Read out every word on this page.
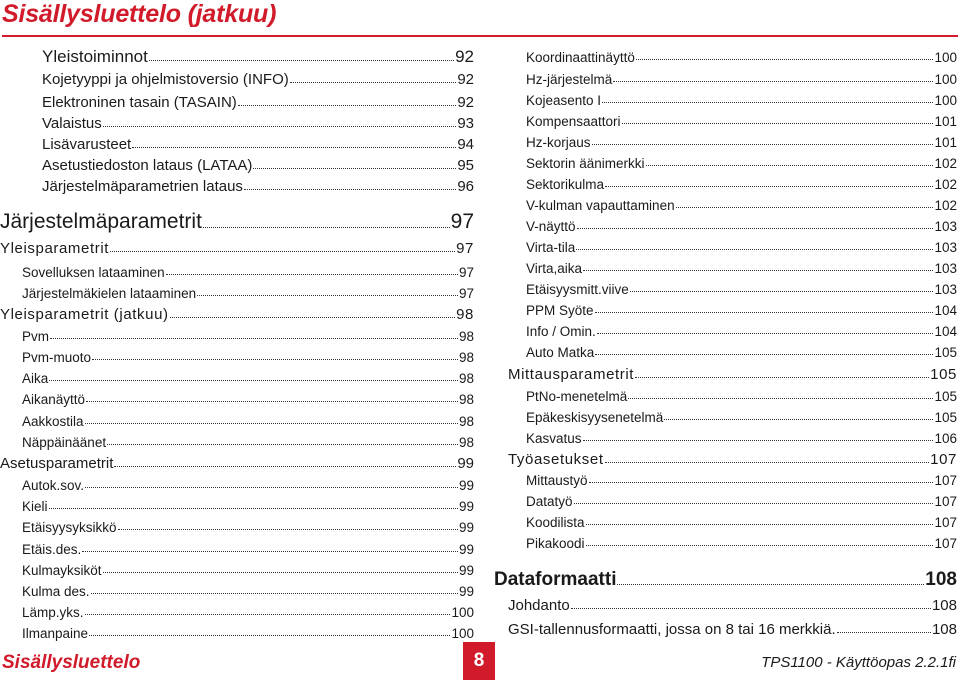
Sisällysluettelo (jatkuu)
Yleistoiminnot	92
Kojetyyppi ja ohjelmistoversio (INFO)	92
Elektroninen tasain (TASAIN)	92
Valaistus	93
Lisävarusteet	94
Asetustiedoston lataus (LATAA)	95
Järjestelmäparametrien lataus	96
Järjestelmäparametrit	97
Yleisparametrit	97
Sovelluksen lataaminen	97
Järjestelmäkielen lataaminen	97
Yleisparametrit (jatkuu)	98
Pvm	98
Pvm-muoto	98
Aika	98
Aikanäyttö	98
Aakkostila	98
Näppäinäänet	98
Asetusparametrit	99
Autok.sov.	99
Kieli	99
Etäisyysyksikkö	99
Etäis.des.	99
Kulmayksiköt	99
Kulma des.	99
Lämp.yks.	100
Ilmanpaine	100
Koordinaattinäyttö	100
Hz-järjestelmä	100
Kojeasento I	100
Kompensaattori	101
Hz-korjaus	101
Sektorin äänimerkki	102
Sektorikulma	102
V-kulman vapauttaminen	102
V-näyttö	103
Virta-tila	103
Virta,aika	103
Etäisyysmitt.viive	103
PPM Syöte	104
Info / Omin.	104
Auto Matka	105
Mittausparametrit	105
PtNo-menetelmä	105
Epäkeskisyysenetelmä	105
Kasvatus	106
Työasetukset	107
Mittaustyö	107
Datatyö	107
Koodilista	107
Pikakoodi	107
Dataformaatti	108
Johdanto	108
GSI-tallennusformaatti, jossa on 8 tai 16 merkkiä.	108

Sisällysluettelo	8	TPS1100 - Käyttöopas 2.2.1fi
